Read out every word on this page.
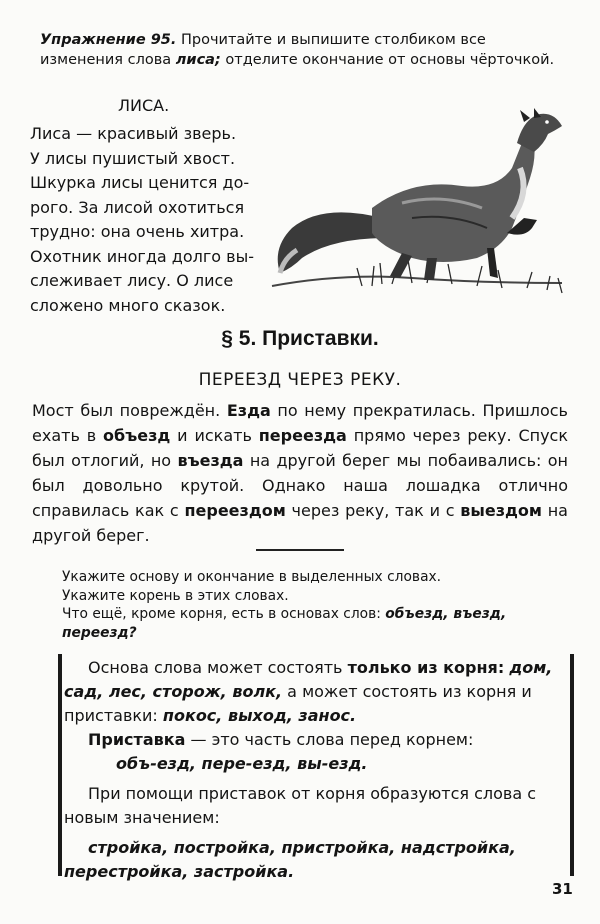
Упражнение 95. Прочитайте и выпишите столбиком все изменения слова лиса; отделите окончание от основы чёрточкой.
ЛИСА.
Лиса — красивый зверь.
У лисы пушистый хвост.
Шкурка лисы ценится до-
рого. За лисой охотиться
трудно: она очень хитра.
Охотник иногда долго вы-
слеживает лису. О лисе
сложено много сказок.
§ 5. Приставки.
ПЕРЕЕЗД ЧЕРЕЗ РЕКУ.
Мост был повреждён. Езда по нему прекратилась. Пришлось ехать в объезд и искать переезда прямо через реку. Спуск был отлогий, но въезда на другой берег мы побаивались: он был довольно крутой. Однако наша лошадка отлично справилась как с переездом через реку, так и с выездом на другой берег.
Укажите основу и окончание в выделенных словах.
Укажите корень в этих словах.
Что ещё, кроме корня, есть в основах слов: объезд, въезд, переезд?

Основа слова может состоять только из корня: дом, сад, лес, сторож, волк, а может состоять из корня и приставки: покос, выход, занос.

Приставка — это часть слова перед корнем:

объ-езд, пере-езд, вы-езд.

При помощи приставок от корня образуются слова с новым значением:

стройка, постройка, пристройка, надстройка, перестройка, застройка.

31
